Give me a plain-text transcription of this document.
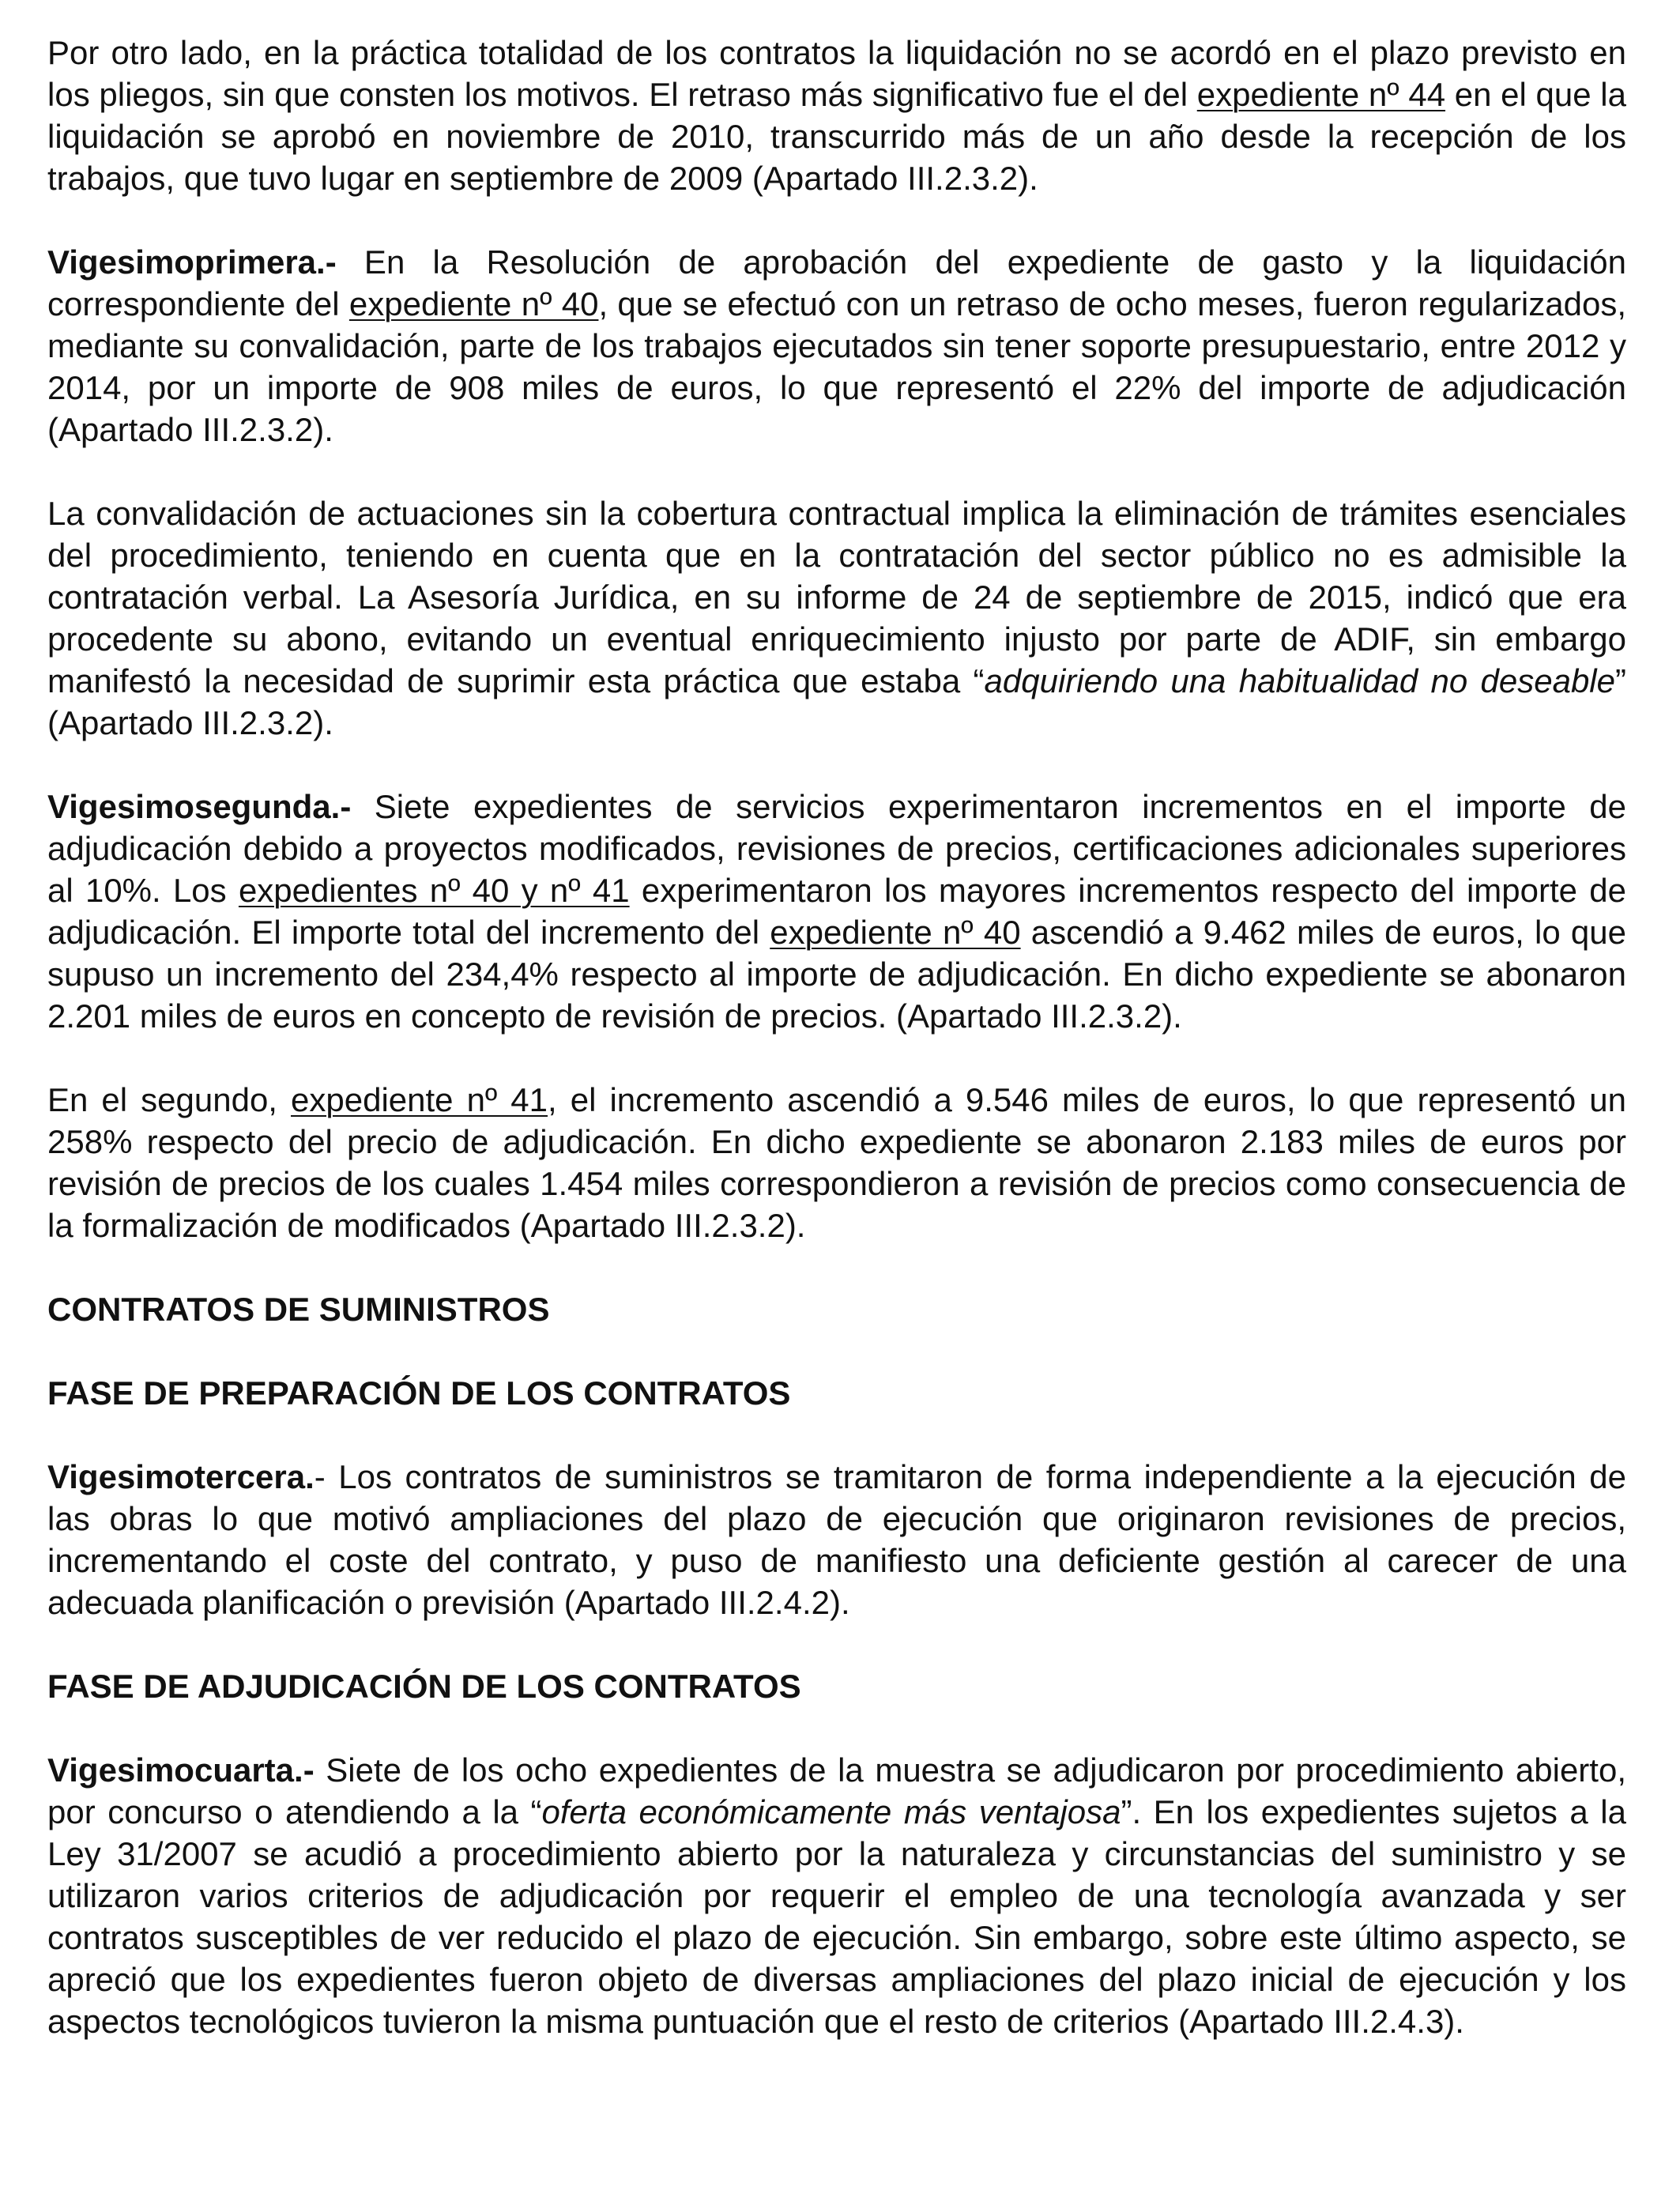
Por otro lado, en la práctica totalidad de los contratos la liquidación no se acordó en el plazo previsto en los pliegos, sin que consten los motivos. El retraso más significativo fue el del expediente nº 44 en el que la liquidación se aprobó en noviembre de 2010, transcurrido más de un año desde la recepción de los trabajos, que tuvo lugar en septiembre de 2009 (Apartado III.2.3.2).

Vigesimoprimera.- En la Resolución de aprobación del expediente de gasto y la liquidación correspondiente del expediente nº 40, que se efectuó con un retraso de ocho meses, fueron regularizados, mediante su convalidación, parte de los trabajos ejecutados sin tener soporte presupuestario, entre 2012 y 2014, por un importe de 908 miles de euros, lo que representó el 22% del importe de adjudicación (Apartado III.2.3.2).

La convalidación de actuaciones sin la cobertura contractual implica la eliminación de trámites esenciales del procedimiento, teniendo en cuenta que en la contratación del sector público no es admisible la contratación verbal. La Asesoría Jurídica, en su informe de 24 de septiembre de 2015, indicó que era procedente su abono, evitando un eventual enriquecimiento injusto por parte de ADIF, sin embargo manifestó la necesidad de suprimir esta práctica que estaba “adquiriendo una habitualidad no deseable” (Apartado III.2.3.2).

Vigesimosegunda.- Siete expedientes de servicios experimentaron incrementos en el importe de adjudicación debido a proyectos modificados, revisiones de precios, certificaciones adicionales superiores al 10%. Los expedientes nº 40 y nº 41 experimentaron los mayores incrementos respecto del importe de adjudicación. El importe total del incremento del expediente nº 40 ascendió a 9.462 miles de euros, lo que supuso un incremento del 234,4% respecto al importe de adjudicación. En dicho expediente se abonaron 2.201 miles de euros en concepto de revisión de precios. (Apartado III.2.3.2).

En el segundo, expediente nº 41, el incremento ascendió a 9.546 miles de euros, lo que representó un 258% respecto del precio de adjudicación. En dicho expediente se abonaron 2.183 miles de euros por revisión de precios de los cuales 1.454 miles correspondieron a revisión de precios como consecuencia de la formalización de modificados (Apartado III.2.3.2).

CONTRATOS DE SUMINISTROS

FASE DE PREPARACIÓN DE LOS CONTRATOS

Vigesimotercera.- Los contratos de suministros se tramitaron de forma independiente a la ejecución de las obras lo que motivó ampliaciones del plazo de ejecución que originaron revisiones de precios, incrementando el coste del contrato, y puso de manifiesto una deficiente gestión al carecer de una adecuada planificación o previsión (Apartado III.2.4.2).

FASE DE ADJUDICACIÓN DE LOS CONTRATOS

Vigesimocuarta.- Siete de los ocho expedientes de la muestra se adjudicaron por procedimiento abierto, por concurso o atendiendo a la “oferta económicamente más ventajosa”. En los expedientes sujetos a la Ley 31/2007 se acudió a procedimiento abierto por la naturaleza y circunstancias del suministro y se utilizaron varios criterios de adjudicación por requerir el empleo de una tecnología avanzada y ser contratos susceptibles de ver reducido el plazo de ejecución. Sin embargo, sobre este último aspecto, se apreció que los expedientes fueron objeto de diversas ampliaciones del plazo inicial de ejecución y los aspectos tecnológicos tuvieron la misma puntuación que el resto de criterios (Apartado III.2.4.3).
